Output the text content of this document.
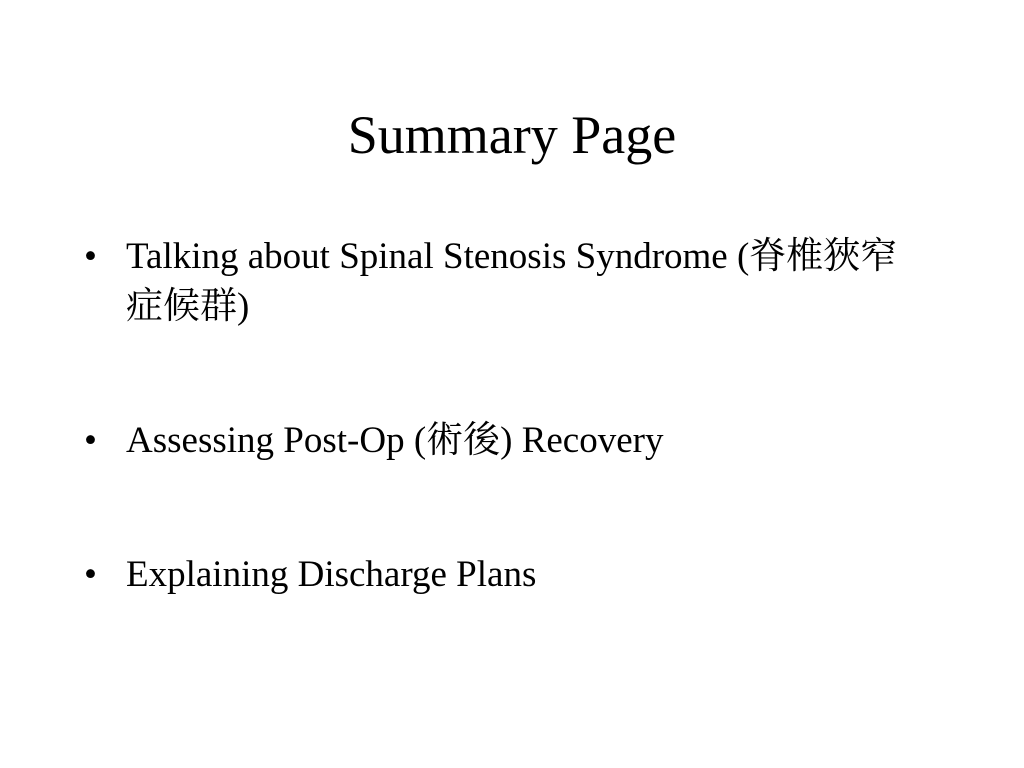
Summary Page
• Talking about Spinal Stenosis Syndrome (脊椎狹窄症候群)
• Assessing Post-Op (術後) Recovery
• Explaining Discharge Plans
